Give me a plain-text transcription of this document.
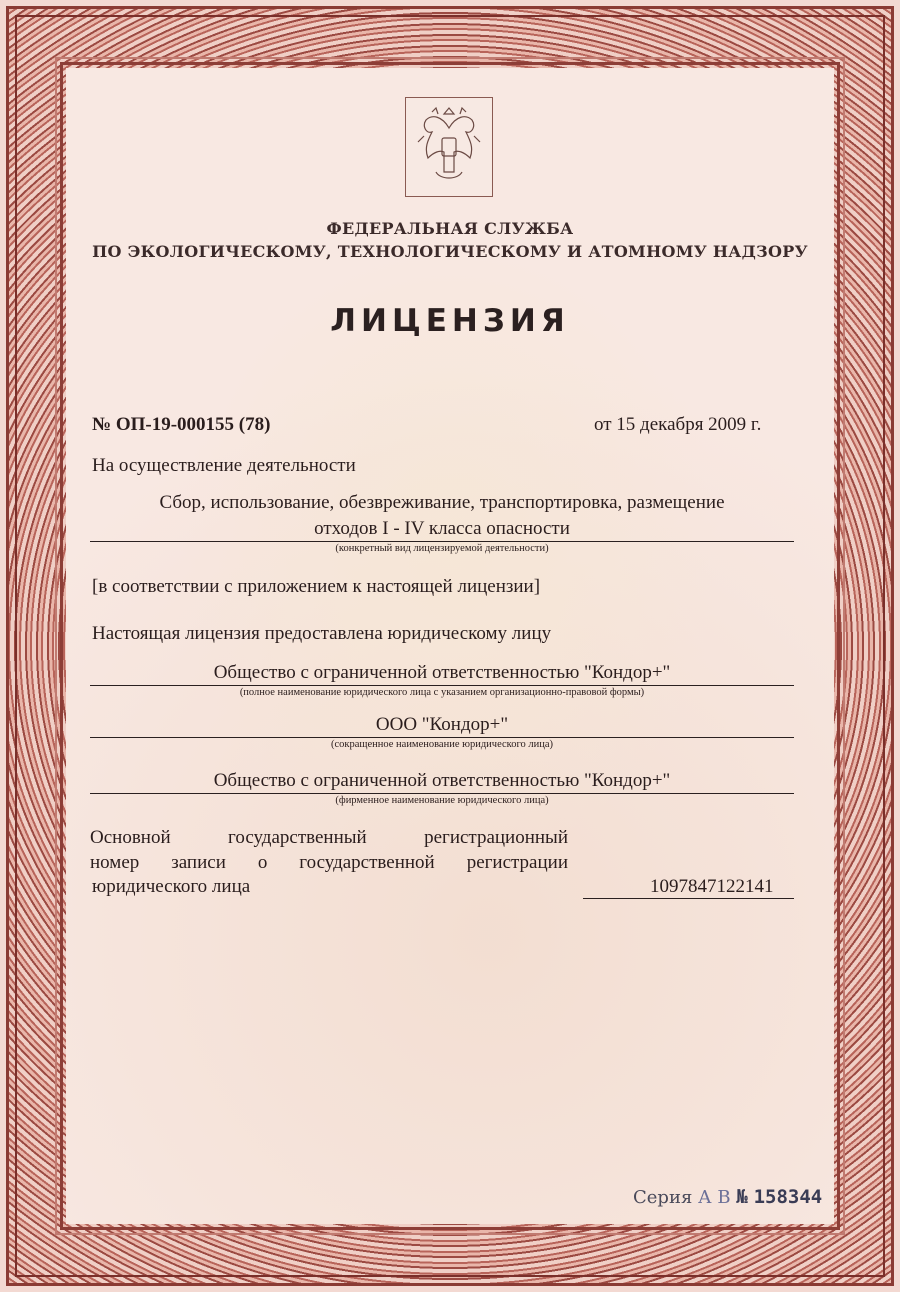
ФЕДЕРАЛЬНАЯ СЛУЖБА
ПО ЭКОЛОГИЧЕСКОМУ, ТЕХНОЛОГИЧЕСКОМУ И АТОМНОМУ НАДЗОРУ
ЛИЦЕНЗИЯ
№ ОП-19-000155 (78)	от 15 декабря 2009 г.
На осуществление деятельности
Сбор, использование, обезвреживание, транспортировка, размещение
отходов I - IV класса опасности
(конкретный вид лицензируемой деятельности)
[в соответствии с приложением к настоящей лицензии]
Настоящая лицензия предоставлена юридическому лицу
Общество с ограниченной ответственностью "Кондор+"
(полное наименование юридического лица с указанием организационно-правовой формы)
ООО "Кондор+"
(сокращенное наименование юридического лица)
Общество с ограниченной ответственностью "Кондор+"
(фирменное наименование юридического лица)
Основной государственный регистрационный
номер записи о государственной регистрации
юридического лица	1097847122141
Серия А В № 158344
